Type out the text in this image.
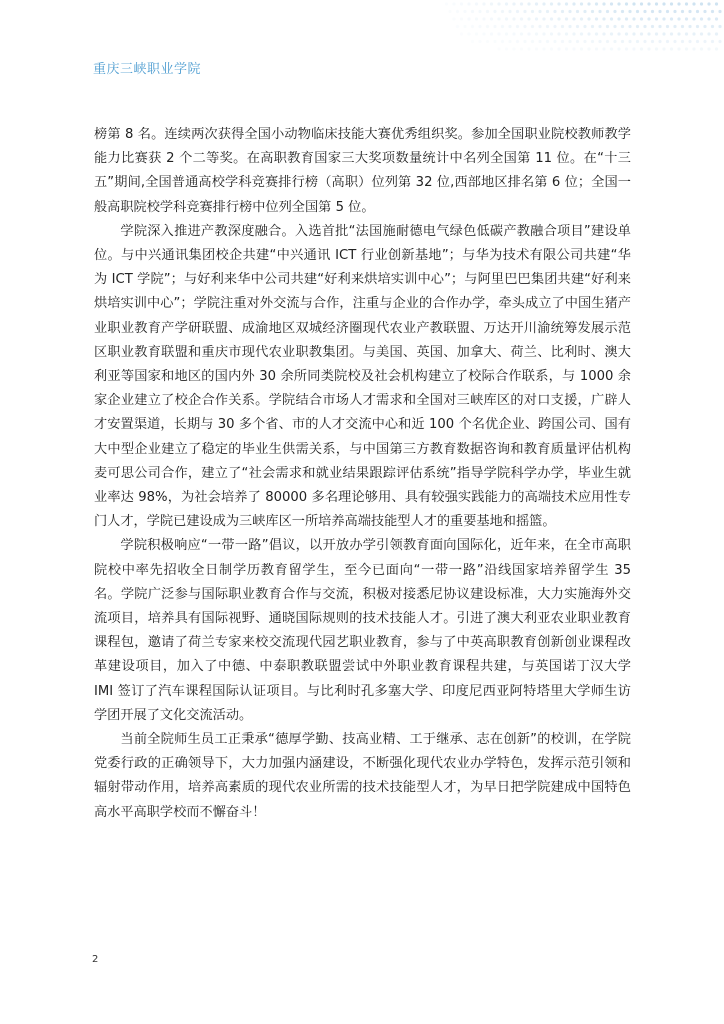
重庆三峡职业学院

榜第 8 名。连续两次获得全国小动物临床技能大赛优秀组织奖。参加全国职业院校教师教学能力比赛获 2 个二等奖。在高职教育国家三大奖项数量统计中名列全国第 11 位。在“十三五”期间,全国普通高校学科竞赛排行榜（高职）位列第 32 位,西部地区排名第 6 位；全国一般高职院校学科竞赛排行榜中位列全国第 5 位。

学院深入推进产教深度融合。入选首批“法国施耐德电气绿色低碳产教融合项目”建设单位。与中兴通讯集团校企共建“中兴通讯 ICT 行业创新基地”；与华为技术有限公司共建“华为 ICT 学院”；与好利来华中公司共建“好利来烘培实训中心”；与阿里巴巴集团共建“好利来烘培实训中心”；学院注重对外交流与合作，注重与企业的合作办学，牵头成立了中国生猪产业职业教育产学研联盟、成渝地区双城经济圈现代农业产教联盟、万达开川渝统筹发展示范区职业教育联盟和重庆市现代农业职教集团。与美国、英国、加拿大、荷兰、比利时、澳大利亚等国家和地区的国内外 30 余所同类院校及社会机构建立了校际合作联系，与 1000 余家企业建立了校企合作关系。学院结合市场人才需求和全国对三峡库区的对口支援，广辟人才安置渠道，长期与 30 多个省、市的人才交流中心和近 100 个名优企业、跨国公司、国有大中型企业建立了稳定的毕业生供需关系，与中国第三方教育数据咨询和教育质量评估机构麦可思公司合作，建立了“社会需求和就业结果跟踪评估系统”指导学院科学办学，毕业生就业率达 98%，为社会培养了 80000 多名理论够用、具有较强实践能力的高端技术应用性专门人才，学院已建设成为三峡库区一所培养高端技能型人才的重要基地和摇篮。

学院积极响应“一带一路”倡议，以开放办学引领教育面向国际化，近年来，在全市高职院校中率先招收全日制学历教育留学生，至今已面向“一带一路”沿线国家培养留学生 35 名。学院广泛参与国际职业教育合作与交流，积极对接悉尼协议建设标准，大力实施海外交流项目，培养具有国际视野、通晓国际规则的技术技能人才。引进了澳大利亚农业职业教育课程包，邀请了荷兰专家来校交流现代园艺职业教育，参与了中英高职教育创新创业课程改革建设项目，加入了中德、中泰职教联盟尝试中外职业教育课程共建，与英国诺丁汉大学 IMI 签订了汽车课程国际认证项目。与比利时孔多塞大学、印度尼西亚阿特塔里大学师生访学团开展了文化交流活动。

当前全院师生员工正秉承“德厚学勤、技高业精、工于继承、志在创新”的校训，在学院党委行政的正确领导下，大力加强内涵建设，不断强化现代农业办学特色，发挥示范引领和辐射带动作用，培养高素质的现代农业所需的技术技能型人才，为早日把学院建成中国特色高水平高职学校而不懈奋斗！

2
